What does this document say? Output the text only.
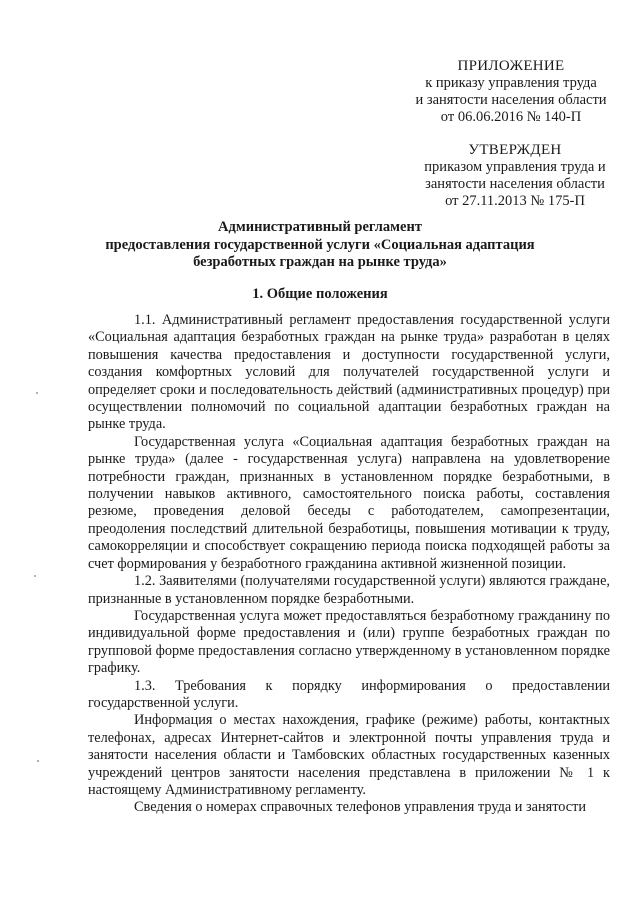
ПРИЛОЖЕНИЕ
к приказу управления труда
и занятости населения области
от 06.06.2016 № 140-П
УТВЕРЖДЕН
приказом управления труда и
занятости населения области
от 27.11.2013 № 175-П
Административный регламент
предоставления государственной услуги «Социальная адаптация
безработных граждан на рынке труда»
1. Общие положения

1.1. Административный регламент предоставления государственной услуги «Социальная адаптация безработных граждан на рынке труда» разработан в целях повышения качества предоставления и доступности государственной услуги, создания комфортных условий для получателей государственной услуги и определяет сроки и последовательность действий (административных процедур) при осуществлении полномочий по социальной адаптации безработных граждан на рынке труда.

Государственная услуга «Социальная адаптация безработных граждан на рынке труда» (далее - государственная услуга) направлена на удовлетворение потребности граждан, признанных в установленном порядке безработными, в получении навыков активного, самостоятельного поиска работы, составления резюме, проведения деловой беседы с работодателем, самопрезентации, преодоления последствий длительной безработицы, повышения мотивации к труду, самокорреляции и способствует сокращению периода поиска подходящей работы за счет формирования у безработного гражданина активной жизненной позиции.

1.2. Заявителями (получателями государственной услуги) являются граждане, признанные в установленном порядке безработными.

Государственная услуга может предоставляться безработному гражданину по индивидуальной форме предоставления и (или) группе безработных граждан по групповой форме предоставления согласно утвержденному в установленном порядке графику.

1.3. Требования к порядку информирования о предоставлении государственной услуги.

Информация о местах нахождения, графике (режиме) работы, контактных телефонах, адресах Интернет-сайтов и электронной почты управления труда и занятости населения области и Тамбовских областных государственных казенных учреждений центров занятости населения представлена в приложении № 1 к настоящему Административному регламенту.

Сведения о номерах справочных телефонов управления труда и занятости
